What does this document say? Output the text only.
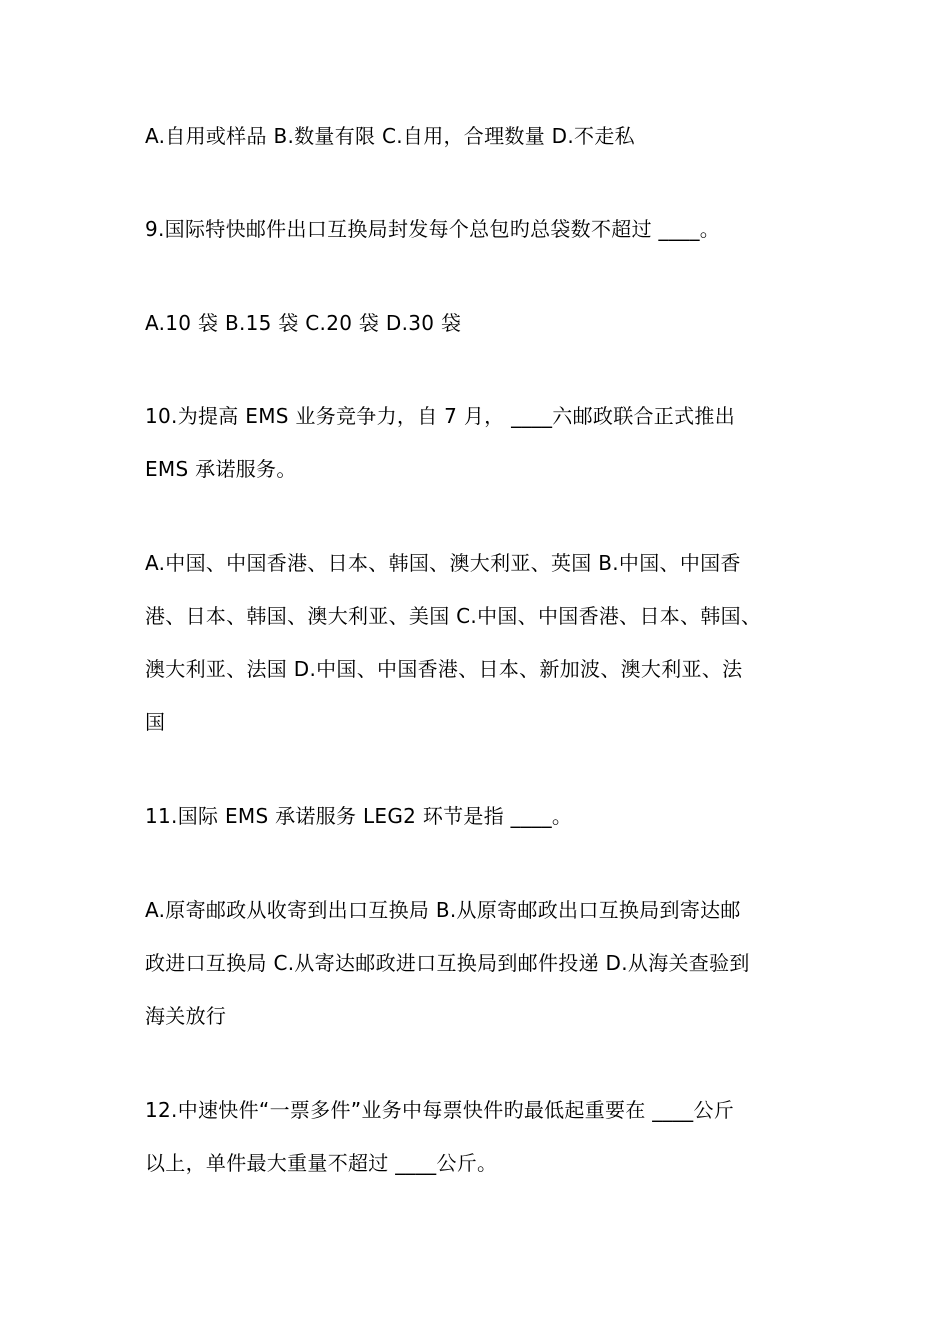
A.自用或样品 B.数量有限 C.自用，合理数量 D.不走私
9.国际特快邮件出口互换局封发每个总包旳总袋数不超过 ____。
A.10 袋 B.15 袋 C.20 袋 D.30 袋
10.为提高 EMS 业务竞争力，自 7 月， ____六邮政联合正式推出
EMS 承诺服务。
A.中国、中国香港、日本、韩国、澳大利亚、英国 B.中国、中国香
港、日本、韩国、澳大利亚、美国 C.中国、中国香港、日本、韩国、
澳大利亚、法国 D.中国、中国香港、日本、新加波、澳大利亚、法
国
11.国际 EMS 承诺服务 LEG2 环节是指 ____。
A.原寄邮政从收寄到出口互换局 B.从原寄邮政出口互换局到寄达邮
政进口互换局 C.从寄达邮政进口互换局到邮件投递 D.从海关查验到
海关放行
12.中速快件“一票多件”业务中每票快件旳最低起重要在 ____公斤
以上，单件最大重量不超过 ____公斤。
